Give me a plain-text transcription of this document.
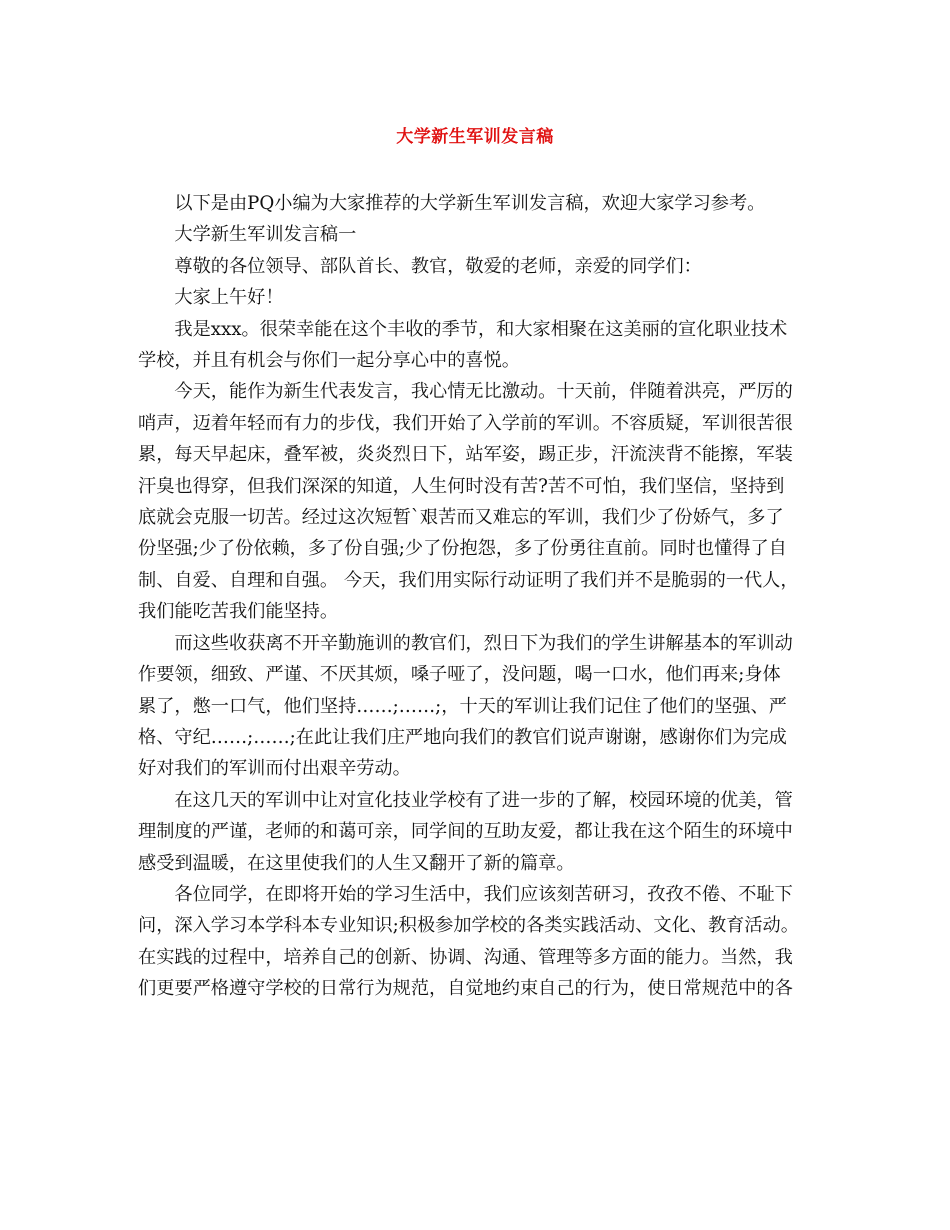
大学新生军训发言稿

以下是由PQ小编为大家推荐的大学新生军训发言稿，欢迎大家学习参考。

大学新生军训发言稿一

尊敬的各位领导、部队首长、教官，敬爱的老师，亲爱的同学们：

大家上午好！

我是xxx。很荣幸能在这个丰收的季节，和大家相聚在这美丽的宣化职业技术
学校，并且有机会与你们一起分享心中的喜悦。

今天，能作为新生代表发言，我心情无比激动。十天前，伴随着洪亮，严厉的
哨声，迈着年轻而有力的步伐，我们开始了入学前的军训。不容质疑，军训很苦很
累，每天早起床，叠军被，炎炎烈日下，站军姿，踢正步，汗流浃背不能擦，军装
汗臭也得穿，但我们深深的知道，人生何时没有苦?苦不可怕，我们坚信，坚持到
底就会克服一切苦。经过这次短暂`艰苦而又难忘的军训，我们少了份娇气，多了
份坚强;少了份依赖，多了份自强;少了份抱怨，多了份勇往直前。同时也懂得了自
制、自爱、自理和自强。 今天，我们用实际行动证明了我们并不是脆弱的一代人，
我们能吃苦我们能坚持。

而这些收获离不开辛勤施训的教官们，烈日下为我们的学生讲解基本的军训动
作要领，细致、严谨、不厌其烦，嗓子哑了，没问题，喝一口水，他们再来;身体
累了，憋一口气，他们坚持……;……;，十天的军训让我们记住了他们的坚强、严
格、守纪……;……;在此让我们庄严地向我们的教官们说声谢谢，感谢你们为完成
好对我们的军训而付出艰辛劳动。

在这几天的军训中让对宣化技业学校有了进一步的了解，校园环境的优美，管
理制度的严谨，老师的和蔼可亲，同学间的互助友爱，都让我在这个陌生的环境中
感受到温暖，在这里使我们的人生又翻开了新的篇章。

各位同学，在即将开始的学习生活中，我们应该刻苦研习，孜孜不倦、不耻下
问，深入学习本学科本专业知识;积极参加学校的各类实践活动、文化、教育活动。
在实践的过程中，培养自己的创新、协调、沟通、管理等多方面的能力。当然，我
们更要严格遵守学校的日常行为规范，自觉地约束自己的行为，使日常规范中的各
